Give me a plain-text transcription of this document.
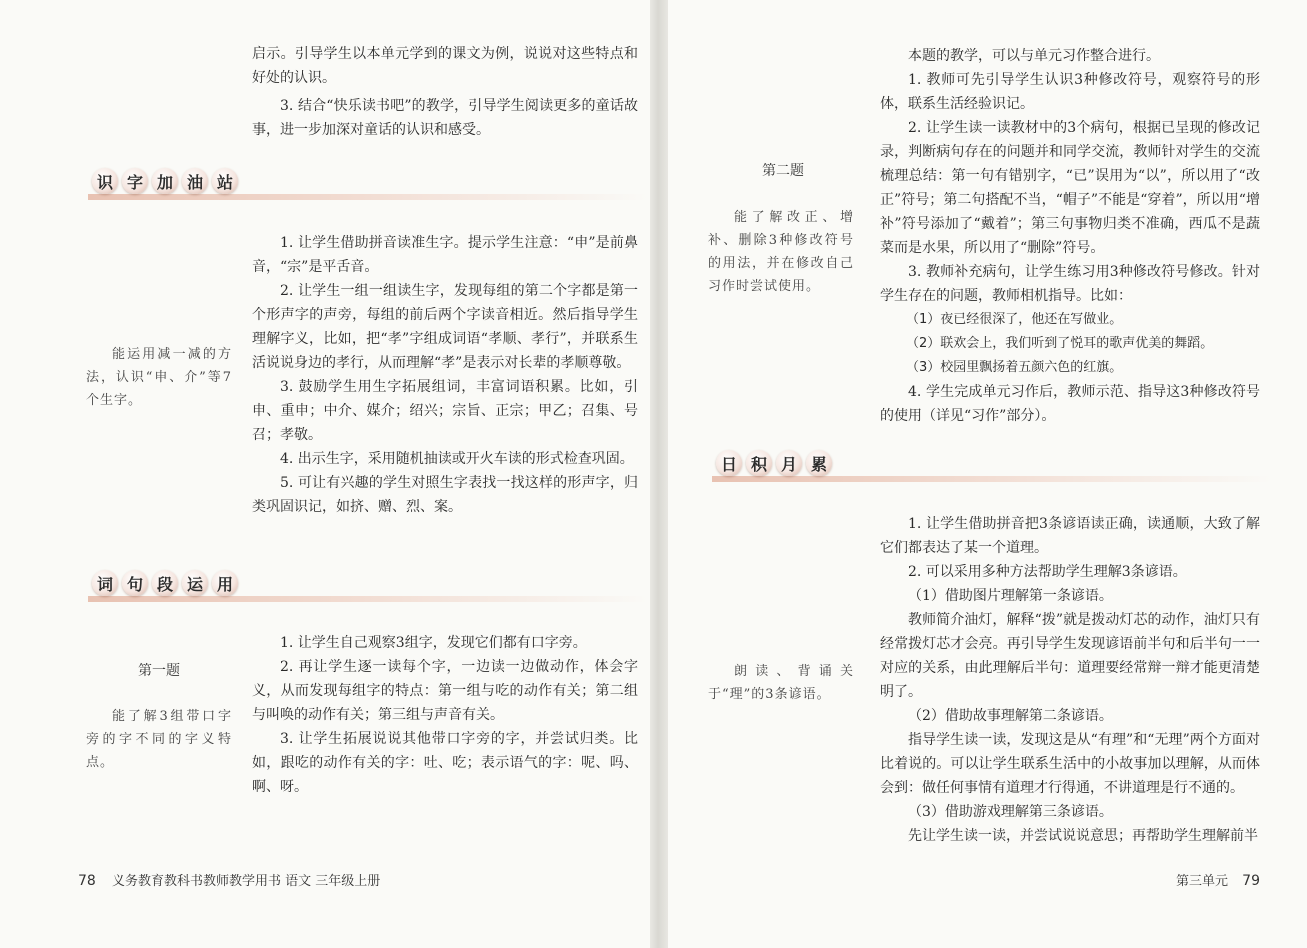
启示。引导学生以本单元学到的课文为例，说说对这些特点和好处的认识。

3. 结合“快乐读书吧”的教学，引导学生阅读更多的童话故事，进一步加深对童话的认识和感受。

识 字 加 油 站

能运用减一减的方法，认识“申、介”等7个生字。

1. 让学生借助拼音读准生字。提示学生注意：“申”是前鼻音，“宗”是平舌音。

2. 让学生一组一组读生字，发现每组的第二个字都是第一个形声字的声旁，每组的前后两个字读音相近。然后指导学生理解字义，比如，把“孝”字组成词语“孝顺、孝行”，并联系生活说说身边的孝行，从而理解“孝”是表示对长辈的孝顺尊敬。

3. 鼓励学生用生字拓展组词，丰富词语积累。比如，引申、重申；中介、媒介；绍兴；宗旨、正宗；甲乙；召集、号召；孝敬。

4. 出示生字，采用随机抽读或开火车读的形式检查巩固。

5. 可让有兴趣的学生对照生字表找一找这样的形声字，归类巩固识记，如挤、赠、烈、案。

词 句 段 运 用
第一题

能了解3组带口字旁的字不同的字义特点。

1. 让学生自己观察3组字，发现它们都有口字旁。

2. 再让学生逐一读每个字，一边读一边做动作，体会字义，从而发现每组字的特点：第一组与吃的动作有关；第二组与叫唤的动作有关；第三组与声音有关。

3. 让学生拓展说说其他带口字旁的字，并尝试归类。比如，跟吃的动作有关的字：吐、吃；表示语气的字：呢、吗、啊、呀。

78 义务教育教科书教师教学用书 语文 三年级上册
第二题

能了解改正、增补、删除3种修改符号的用法，并在修改自己习作时尝试使用。

本题的教学，可以与单元习作整合进行。

1. 教师可先引导学生认识3种修改符号，观察符号的形体，联系生活经验识记。

2. 让学生读一读教材中的3个病句，根据已呈现的修改记录，判断病句存在的问题并和同学交流，教师针对学生的交流梳理总结：第一句有错别字，“已”误用为“以”，所以用了“改正”符号；第二句搭配不当，“帽子”不能是“穿着”，所以用“增补”符号添加了“戴着”；第三句事物归类不准确，西瓜不是蔬菜而是水果，所以用了“删除”符号。

3. 教师补充病句，让学生练习用3种修改符号修改。针对学生存在的问题，教师相机指导。比如：

（1）夜已经很深了，他还在写做业。

（2）联欢会上，我们听到了悦耳的歌声优美的舞蹈。

（3）校园里飘扬着五颜六色的红旗。

4. 学生完成单元习作后，教师示范、指导这3种修改符号的使用（详见“习作”部分）。

日 积 月 累

朗读、背诵关于“理”的3条谚语。

1. 让学生借助拼音把3条谚语读正确，读通顺，大致了解它们都表达了某一个道理。

2. 可以采用多种方法帮助学生理解3条谚语。

（1）借助图片理解第一条谚语。

教师简介油灯，解释“拨”就是拨动灯芯的动作，油灯只有经常拨灯芯才会亮。再引导学生发现谚语前半句和后半句一一对应的关系，由此理解后半句：道理要经常辩一辩才能更清楚明了。

（2）借助故事理解第二条谚语。

指导学生读一读，发现这是从“有理”和“无理”两个方面对比着说的。可以让学生联系生活中的小故事加以理解，从而体会到：做任何事情有道理才行得通，不讲道理是行不通的。

（3）借助游戏理解第三条谚语。

先让学生读一读，并尝试说说意思；再帮助学生理解前半

第三单元 79
